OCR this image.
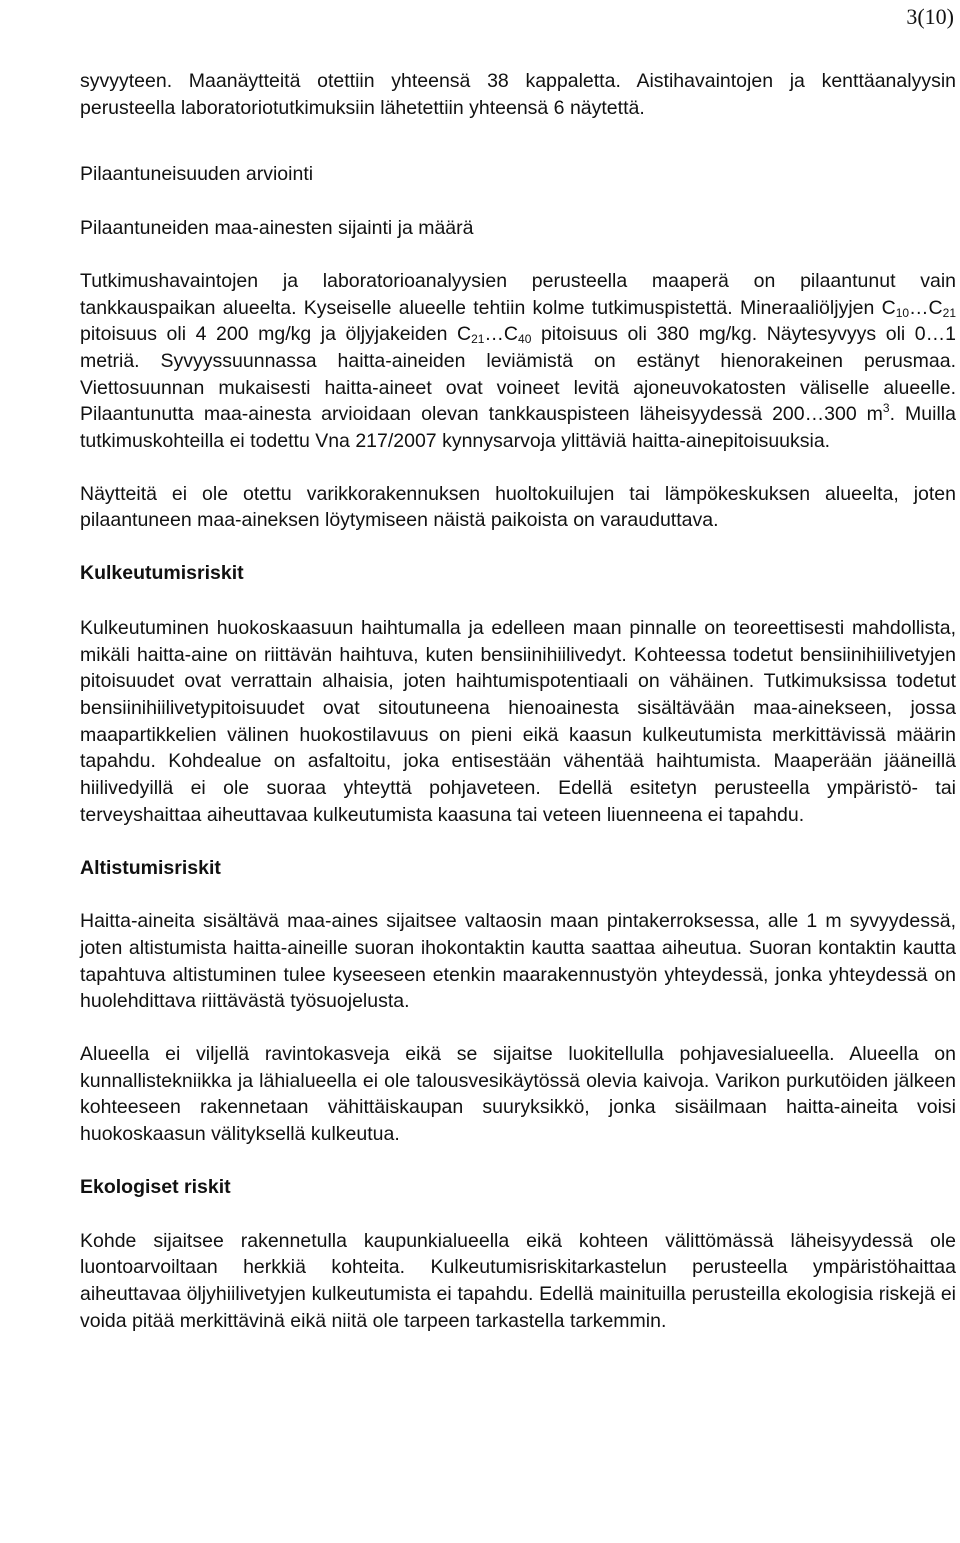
3(10)

syvyyteen. Maanäytteitä otettiin yhteensä 38 kappaletta. Aistihavaintojen ja kenttäanalyysin perusteella laboratoriotutkimuksiin lähetettiin yhteensä 6 näytettä.

Pilaantuneisuuden arviointi

Pilaantuneiden maa-ainesten sijainti ja määrä

Tutkimushavaintojen ja laboratorioanalyysien perusteella maaperä on pilaantunut vain tankkauspaikan alueelta. Kyseiselle alueelle tehtiin kolme tutkimuspistettä. Mineraaliöljyjen $C_{10}\dots C_{21}$ pitoisuus oli 4 200 mg/kg ja öljyjakeiden $C_{21}\dots C_{40}$ pitoisuus oli 380 mg/kg. Näytesyvyys oli 0…1 metriä. Syvyyssuunnassa haitta-aineiden leviämistä on estänyt hienorakeinen perusmaa. Viettosuunnan mukaisesti haitta-aineet ovat voineet levitä ajoneuvokatosten väliselle alueelle. Pilaantunutta maa-ainesta arvioidaan olevan tankkauspisteen läheisyydessä 200…300 $m^3$. Muilla tutkimuskohteilla ei todettu Vna 217/2007 kynnysarvoja ylittäviä haitta-ainepitoisuuksia.

Näytteitä ei ole otettu varikkorakennuksen huoltokuilujen tai lämpökeskuksen alueelta, joten pilaantuneen maa-aineksen löytymiseen näistä paikoista on varauduttava.

Kulkeutumisriskit

Kulkeutuminen huokoskaasuun haihtumalla ja edelleen maan pinnalle on teoreettisesti mahdollista, mikäli haitta-aine on riittävän haihtuva, kuten bensiinihiilivedyt. Kohteessa todetut bensiinihiilivetyjen pitoisuudet ovat verrattain alhaisia, joten haihtumispotentiaali on vähäinen. Tutkimuksissa todetut bensiinihiilivetypitoisuudet ovat sitoutuneena hienoainesta sisältävään maa-ainekseen, jossa maapartikkelien välinen huokostilavuus on pieni eikä kaasun kulkeutumista merkittävissä määrin tapahdu. Kohdealue on asfaltoitu, joka entisestään vähentää haihtumista. Maaperään jääneillä hiilivedyillä ei ole suoraa yhteyttä pohjaveteen. Edellä esitetyn perusteella ympäristö- tai terveyshaittaa aiheuttavaa kulkeutumista kaasuna tai veteen liuenneena ei tapahdu.

Altistumisriskit

Haitta-aineita sisältävä maa-aines sijaitsee valtaosin maan pintakerroksessa, alle 1 m syvyydessä, joten altistumista haitta-aineille suoran ihokontaktin kautta saattaa aiheutua. Suoran kontaktin kautta tapahtuva altistuminen tulee kyseeseen etenkin maarakennustyön yhteydessä, jonka yhteydessä on huolehdittava riittävästä työsuojelusta.

Alueella ei viljellä ravintokasveja eikä se sijaitse luokitellulla pohjavesialueella. Alueella on kunnallistekniikka ja lähialueella ei ole talousvesikäytössä olevia kaivoja. Varikon purkutöiden jälkeen kohteeseen rakennetaan vähittäiskaupan suuryksikkö, jonka sisäilmaan haitta-aineita voisi huokoskaasun välityksellä kulkeutua.

Ekologiset riskit

Kohde sijaitsee rakennetulla kaupunkialueella eikä kohteen välittömässä läheisyydessä ole luontoarvoiltaan herkkiä kohteita. Kulkeutumisriskitarkastelun perusteella ympäristöhaittaa aiheuttavaa öljyhiilivetyjen kulkeutumista ei tapahdu. Edellä mainituilla perusteilla ekologisia riskejä ei voida pitää merkittävinä eikä niitä ole tarpeen tarkastella tarkemmin.
